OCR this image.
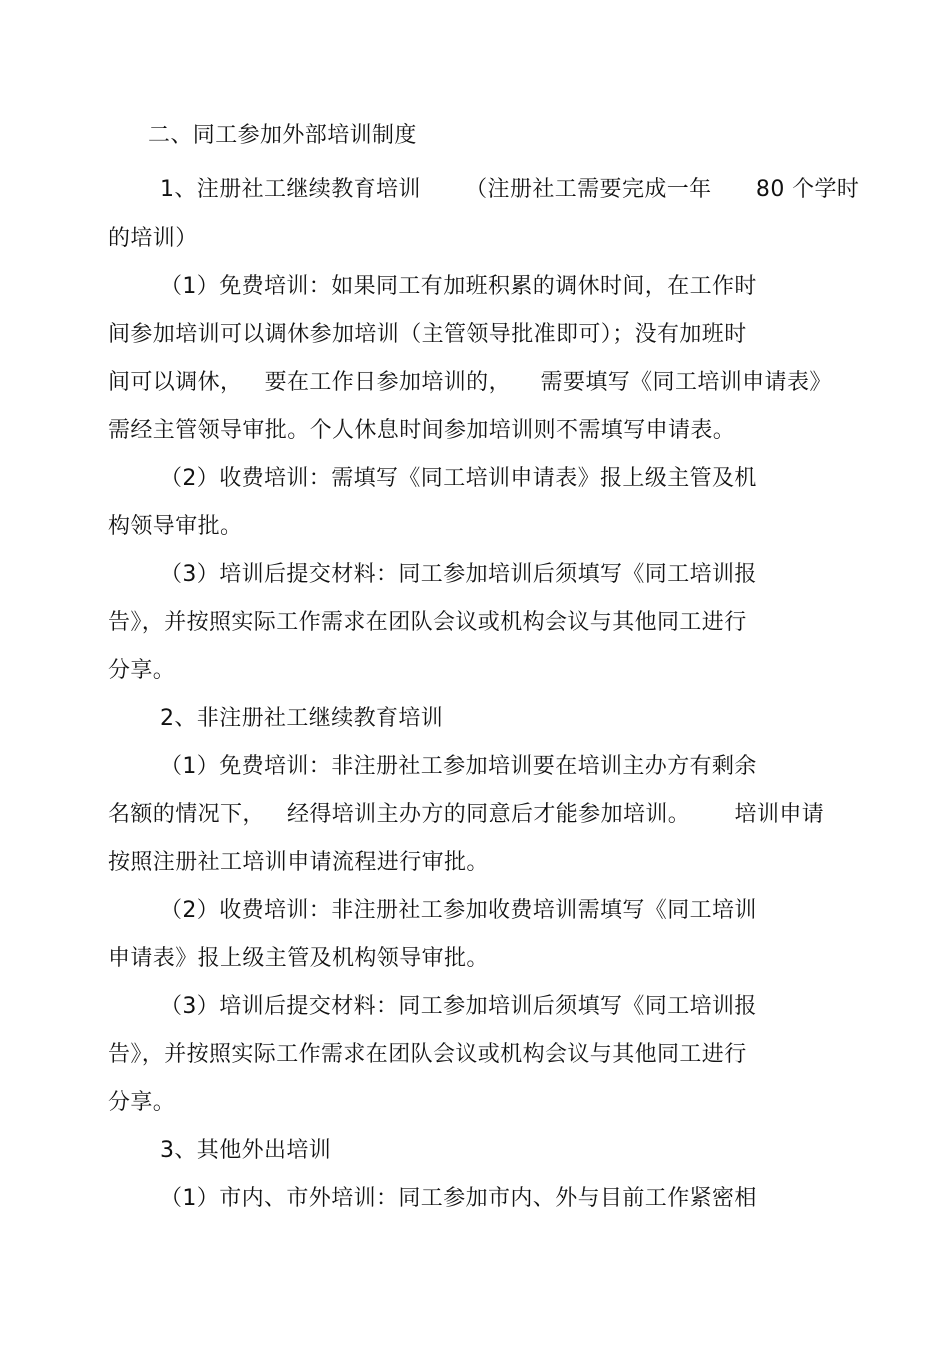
二、同工参加外部培训制度
1、注册社工继续教育培训      （注册社工需要完成一年      80 个学时
的培训）
（1）免费培训：如果同工有加班积累的调休时间，在工作时
间参加培训可以调休参加培训（主管领导批准即可）；没有加班时
间可以调休，   要在工作日参加培训的，    需要填写《同工培训申请表》
需经主管领导审批。个人休息时间参加培训则不需填写申请表。
（2）收费培训：需填写《同工培训申请表》报上级主管及机
构领导审批。
（3）培训后提交材料：同工参加培训后须填写《同工培训报
告》，并按照实际工作需求在团队会议或机构会议与其他同工进行
分享。
2、非注册社工继续教育培训
（1）免费培训：非注册社工参加培训要在培训主办方有剩余
名额的情况下，   经得培训主办方的同意后才能参加培训。      培训申请
按照注册社工培训申请流程进行审批。
（2）收费培训：非注册社工参加收费培训需填写《同工培训
申请表》报上级主管及机构领导审批。
（3）培训后提交材料：同工参加培训后须填写《同工培训报
告》，并按照实际工作需求在团队会议或机构会议与其他同工进行
分享。
3、其他外出培训
（1）市内、市外培训：同工参加市内、外与目前工作紧密相
